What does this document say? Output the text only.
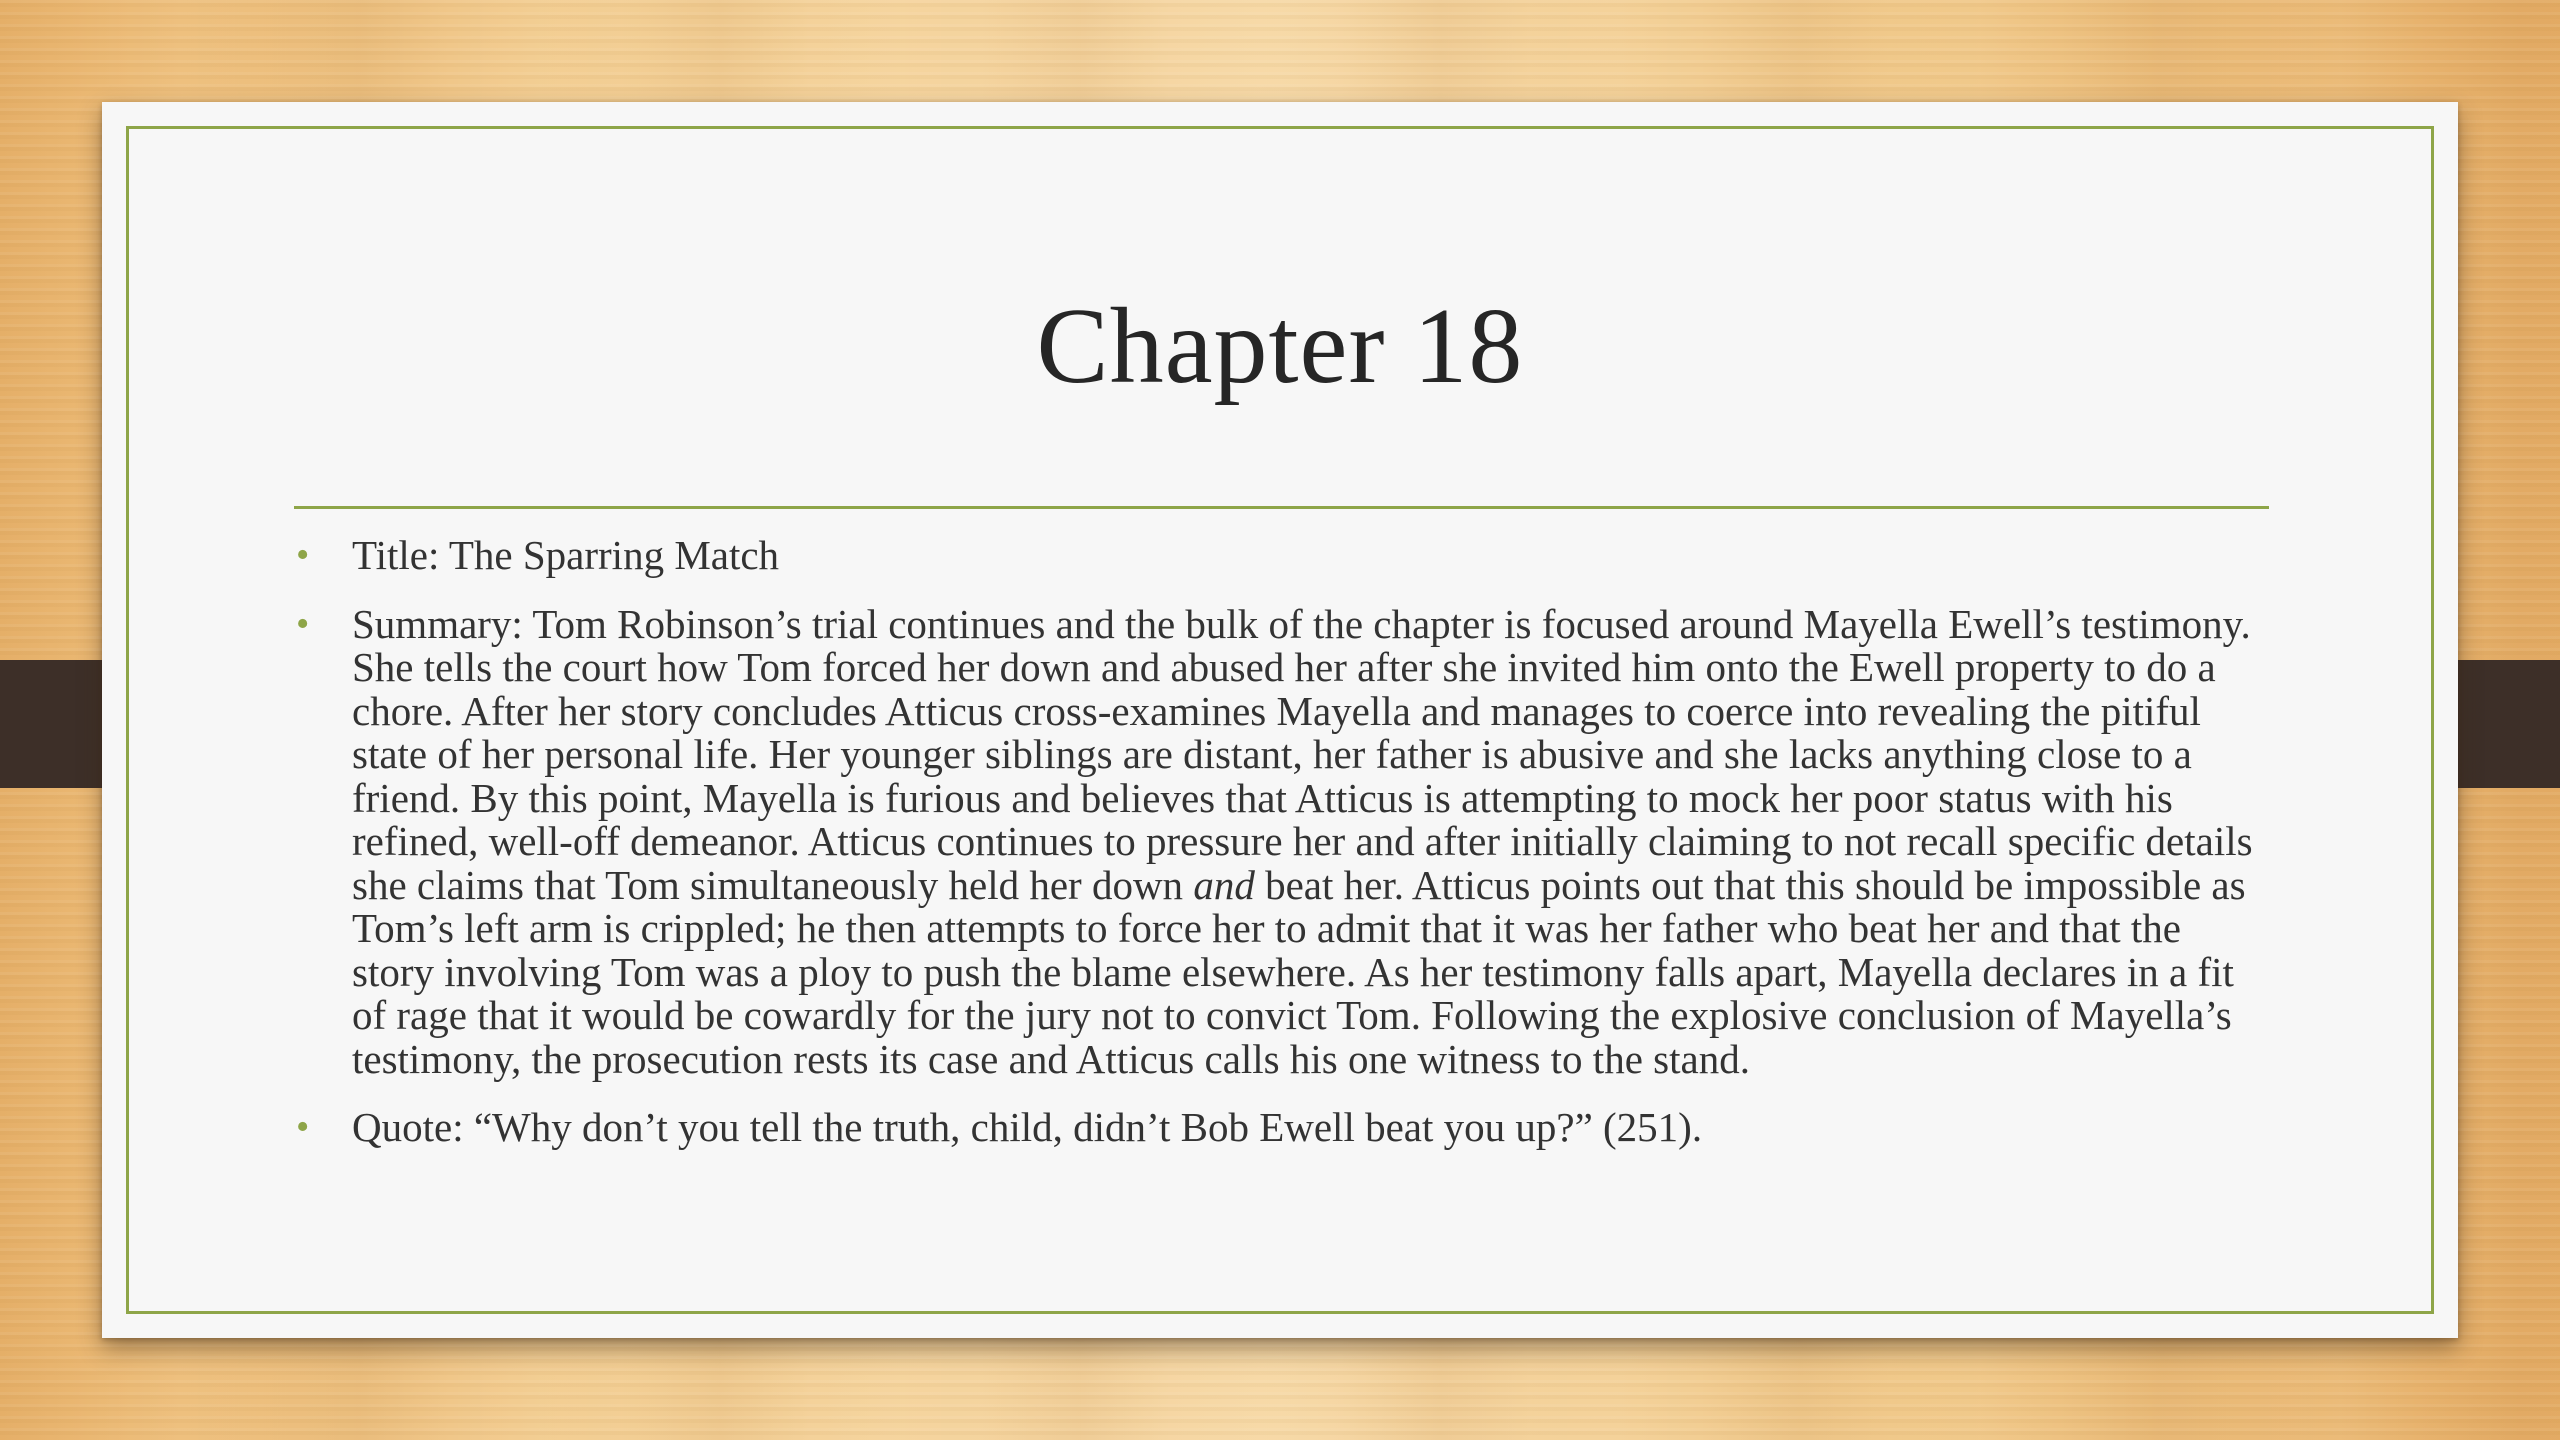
Chapter 18
• Title: The Sparring Match
• Summary: Tom Robinson’s trial continues and the bulk of the chapter is focused around Mayella Ewell’s testimony. She tells the court how Tom forced her down and abused her after she invited him onto the Ewell property to do a chore. After her story concludes Atticus cross-examines Mayella and manages to coerce into revealing the pitiful state of her personal life. Her younger siblings are distant, her father is abusive and she lacks anything close to a friend. By this point, Mayella is furious and believes that Atticus is attempting to mock her poor status with his refined, well-off demeanor. Atticus continues to pressure her and after initially claiming to not recall specific details she claims that Tom simultaneously held her down and beat her. Atticus points out that this should be impossible as Tom’s left arm is crippled; he then attempts to force her to admit that it was her father who beat her and that the story involving Tom was a ploy to push the blame elsewhere. As her testimony falls apart, Mayella declares in a fit of rage that it would be cowardly for the jury not to convict Tom. Following the explosive conclusion of Mayella’s testimony, the prosecution rests its case and Atticus calls his one witness to the stand.
• Quote: “Why don’t you tell the truth, child, didn’t Bob Ewell beat you up?” (251).
